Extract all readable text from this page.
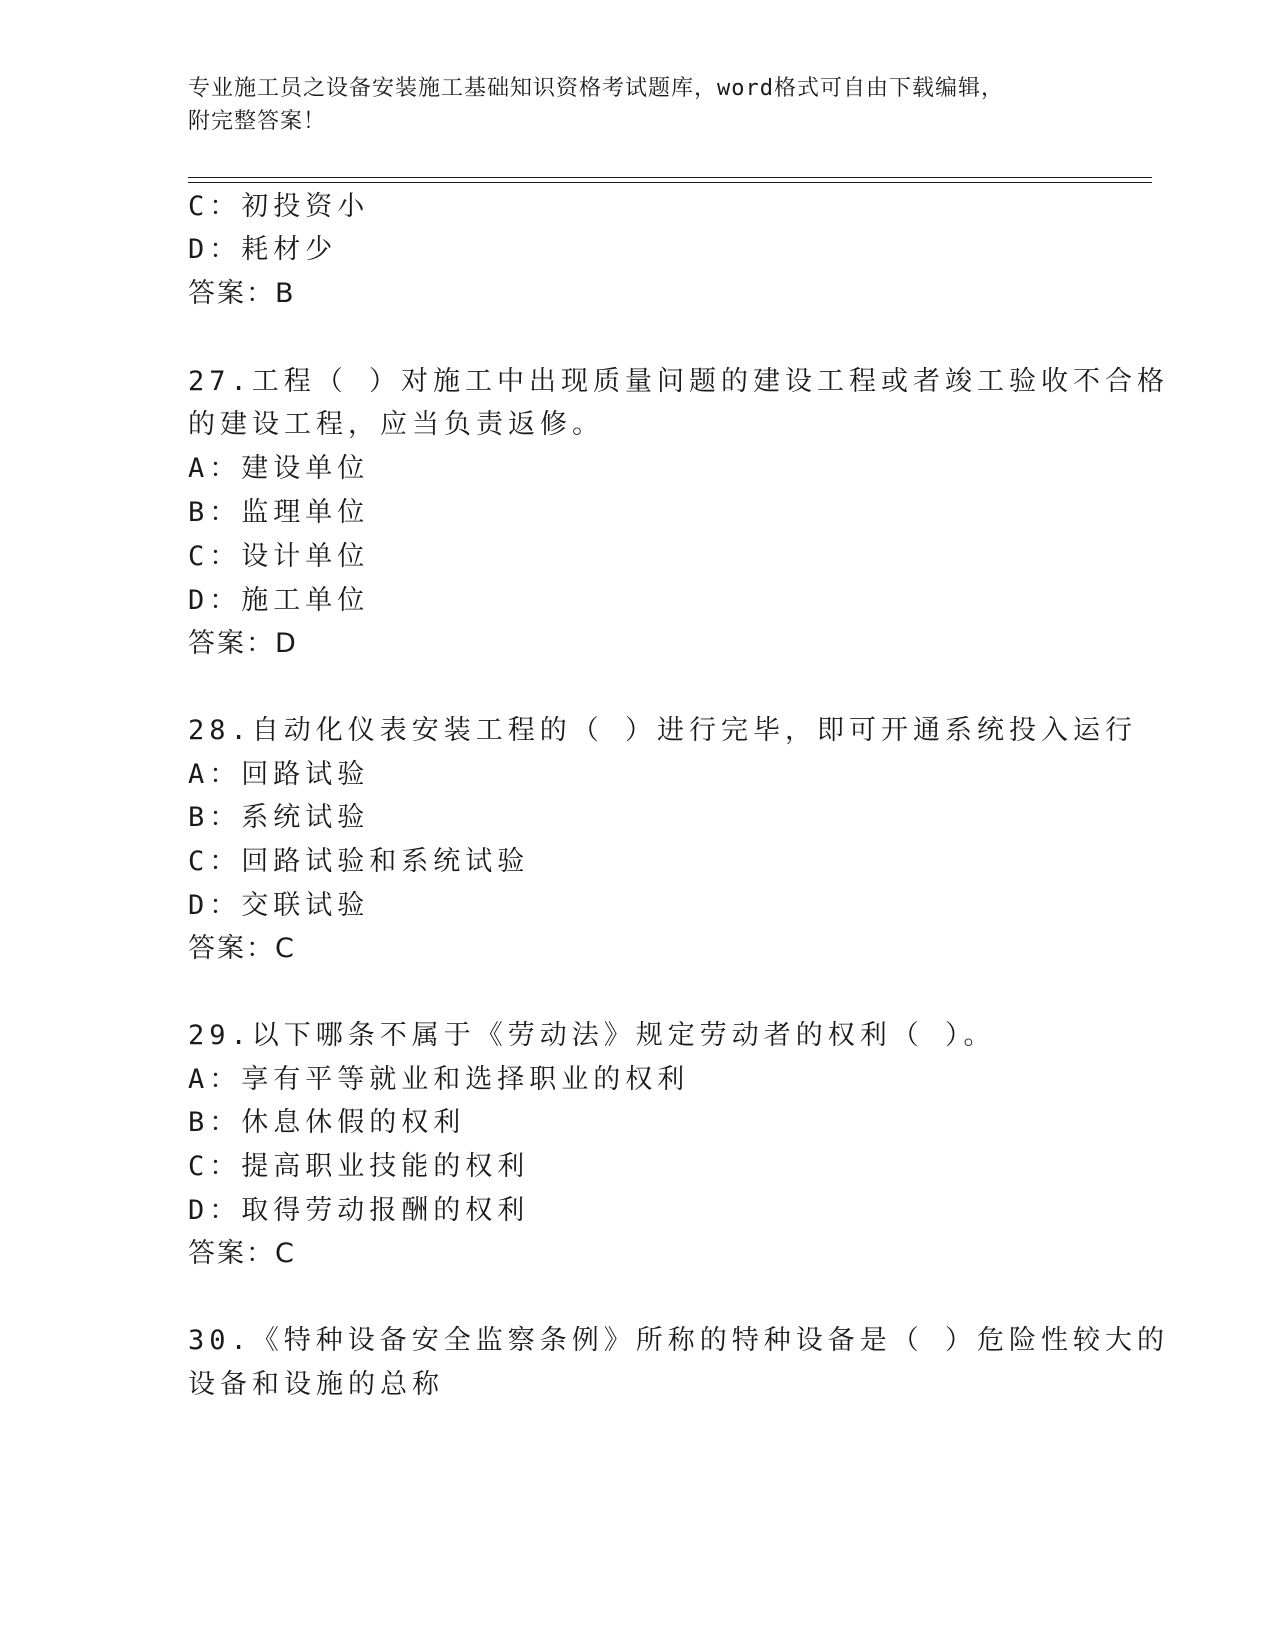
专业施工员之设备安装施工基础知识资格考试题库，word格式可自由下载编辑，
附完整答案！
C：初投资小
D：耗材少
答案：B
27.工程（ ）对施工中出现质量问题的建设工程或者竣工验收不合格
的建设工程，应当负责返修。
A：建设单位
B：监理单位
C：设计单位
D：施工单位
答案：D
28.自动化仪表安装工程的（ ）进行完毕，即可开通系统投入运行
A：回路试验
B：系统试验
C：回路试验和系统试验
D：交联试验
答案：C
29.以下哪条不属于《劳动法》规定劳动者的权利（ ）。
A：享有平等就业和选择职业的权利
B：休息休假的权利
C：提高职业技能的权利
D：取得劳动报酬的权利
答案：C
30.《特种设备安全监察条例》所称的特种设备是（ ）危险性较大的
设备和设施的总称
